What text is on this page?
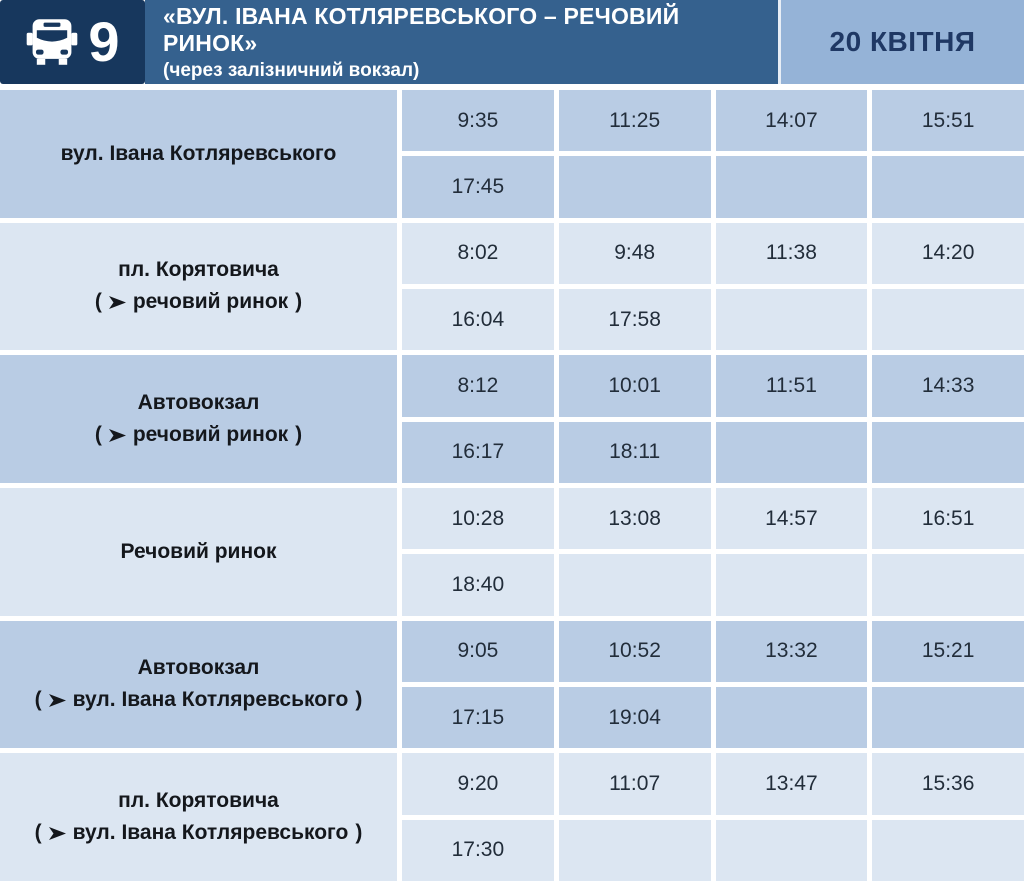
9 «ВУЛ. ІВАНА КОТЛЯРЕВСЬКОГО – РЕЧОВИЙ РИНОК»
(через залізничний вокзал)
20 КВІТНЯ
вул. Івана Котляревського
9:35	11:25	14:07	15:51
17:45
пл. Корятовича
( речовий ринок )
8:02	9:48	11:38	14:20
16:04	17:58
Автовокзал
( речовий ринок )
8:12	10:01	11:51	14:33
16:17	18:11
Речовий ринок
10:28	13:08	14:57	16:51
18:40
Автовокзал
( вул. Івана Котляревського )
9:05	10:52	13:32	15:21
17:15	19:04
пл. Корятовича
( вул. Івана Котляревського )
9:20	11:07	13:47	15:36
17:30
